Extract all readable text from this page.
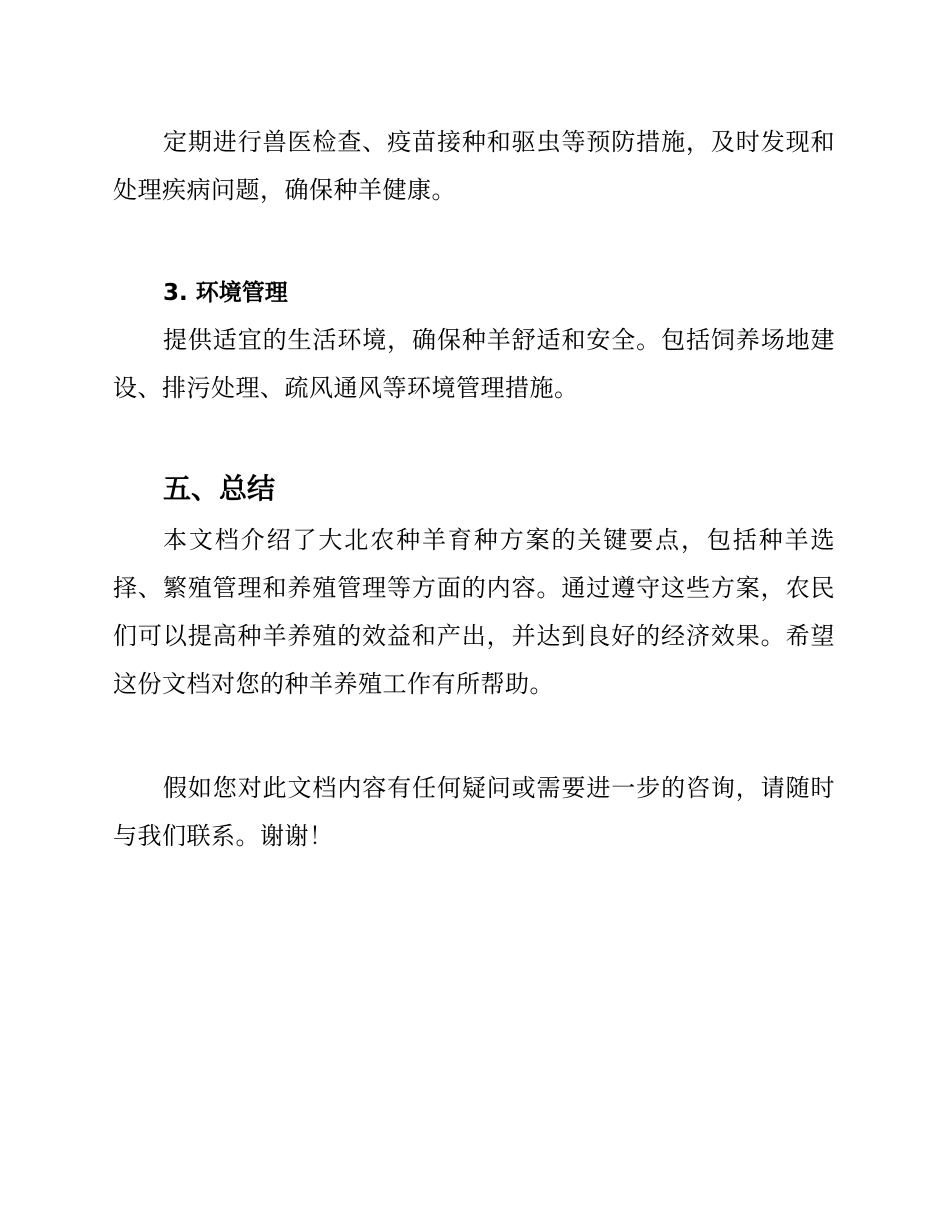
定期进行兽医检查、疫苗接种和驱虫等预防措施，及时发现和处理疾病问题，确保种羊健康。

3. 环境管理

提供适宜的生活环境，确保种羊舒适和安全。包括饲养场地建设、排污处理、疏风通风等环境管理措施。

五、总结

本文档介绍了大北农种羊育种方案的关键要点，包括种羊选择、繁殖管理和养殖管理等方面的内容。通过遵守这些方案，农民们可以提高种羊养殖的效益和产出，并达到良好的经济效果。希望这份文档对您的种羊养殖工作有所帮助。

假如您对此文档内容有任何疑问或需要进一步的咨询，请随时与我们联系。谢谢！
